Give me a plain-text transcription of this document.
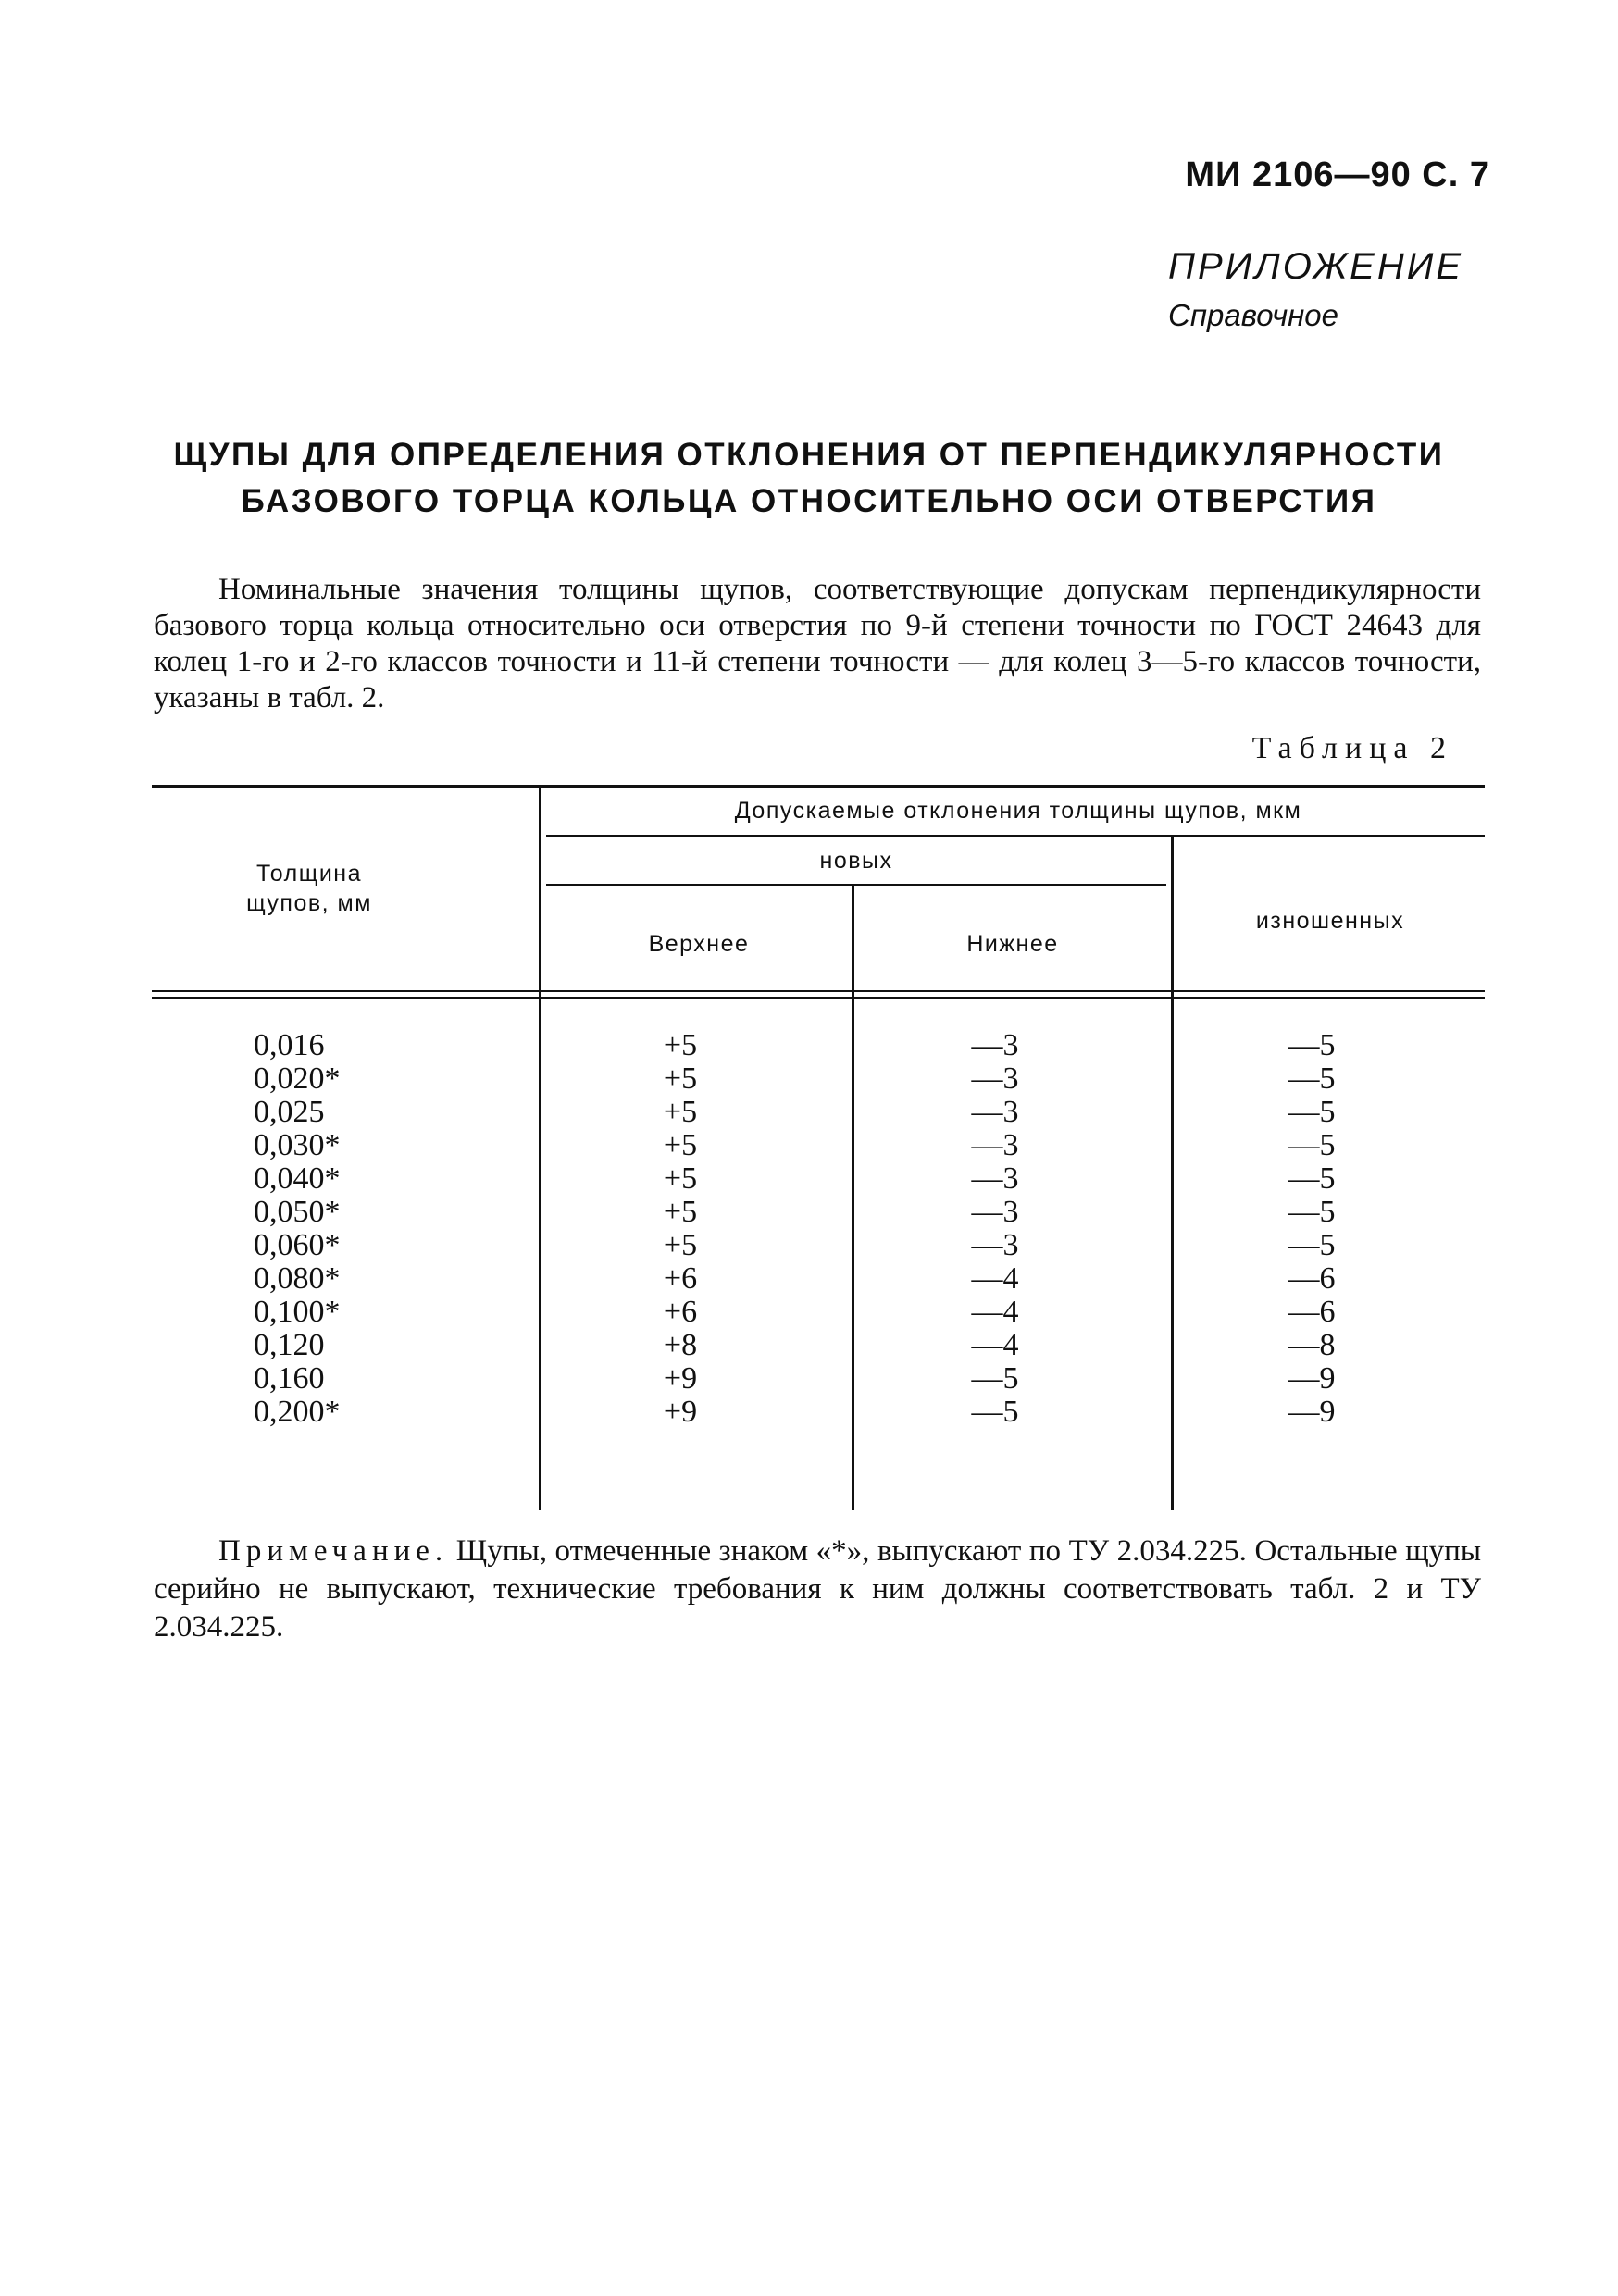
МИ 2106—90 С. 7
ПРИЛОЖЕНИЕ
Справочное
ЩУПЫ ДЛЯ ОПРЕДЕЛЕНИЯ ОТКЛОНЕНИЯ ОТ ПЕРПЕНДИКУЛЯРНОСТИ
БАЗОВОГО ТОРЦА КОЛЬЦА ОТНОСИТЕЛЬНО ОСИ ОТВЕРСТИЯ
Номинальные значения толщины щупов, соответствующие допускам перпендикулярности базового торца кольца относительно оси отверстия по 9-й степени точности по ГОСТ 24643 для колец 1-го и 2-го классов точности и 11-й степени точности — для колец 3—5-го классов точности, указаны в табл. 2.
Таблица 2
Толщина щупов, мм
Допускаемые отклонения толщины щупов, мкм
новых
Верхнее	Нижнее
изношенных
0,016
0,020*
0,025
0,030*
0,040*
0,050*
0,060*
0,080*
0,100*
0,120
0,160
0,200*
+5
+5
+5
+5
+5
+5
+5
+6
+6
+8
+9
+9
—3
—3
—3
—3
—3
—3
—3
—4
—4
—4
—5
—5
—5
—5
—5
—5
—5
—5
—5
—6
—6
—8
—9
—9
Примечание. Щупы, отмеченные знаком «*», выпускают по ТУ 2.034.225. Остальные щупы серийно не выпускают, технические требования к ним должны соответствовать табл. 2 и ТУ 2.034.225.
